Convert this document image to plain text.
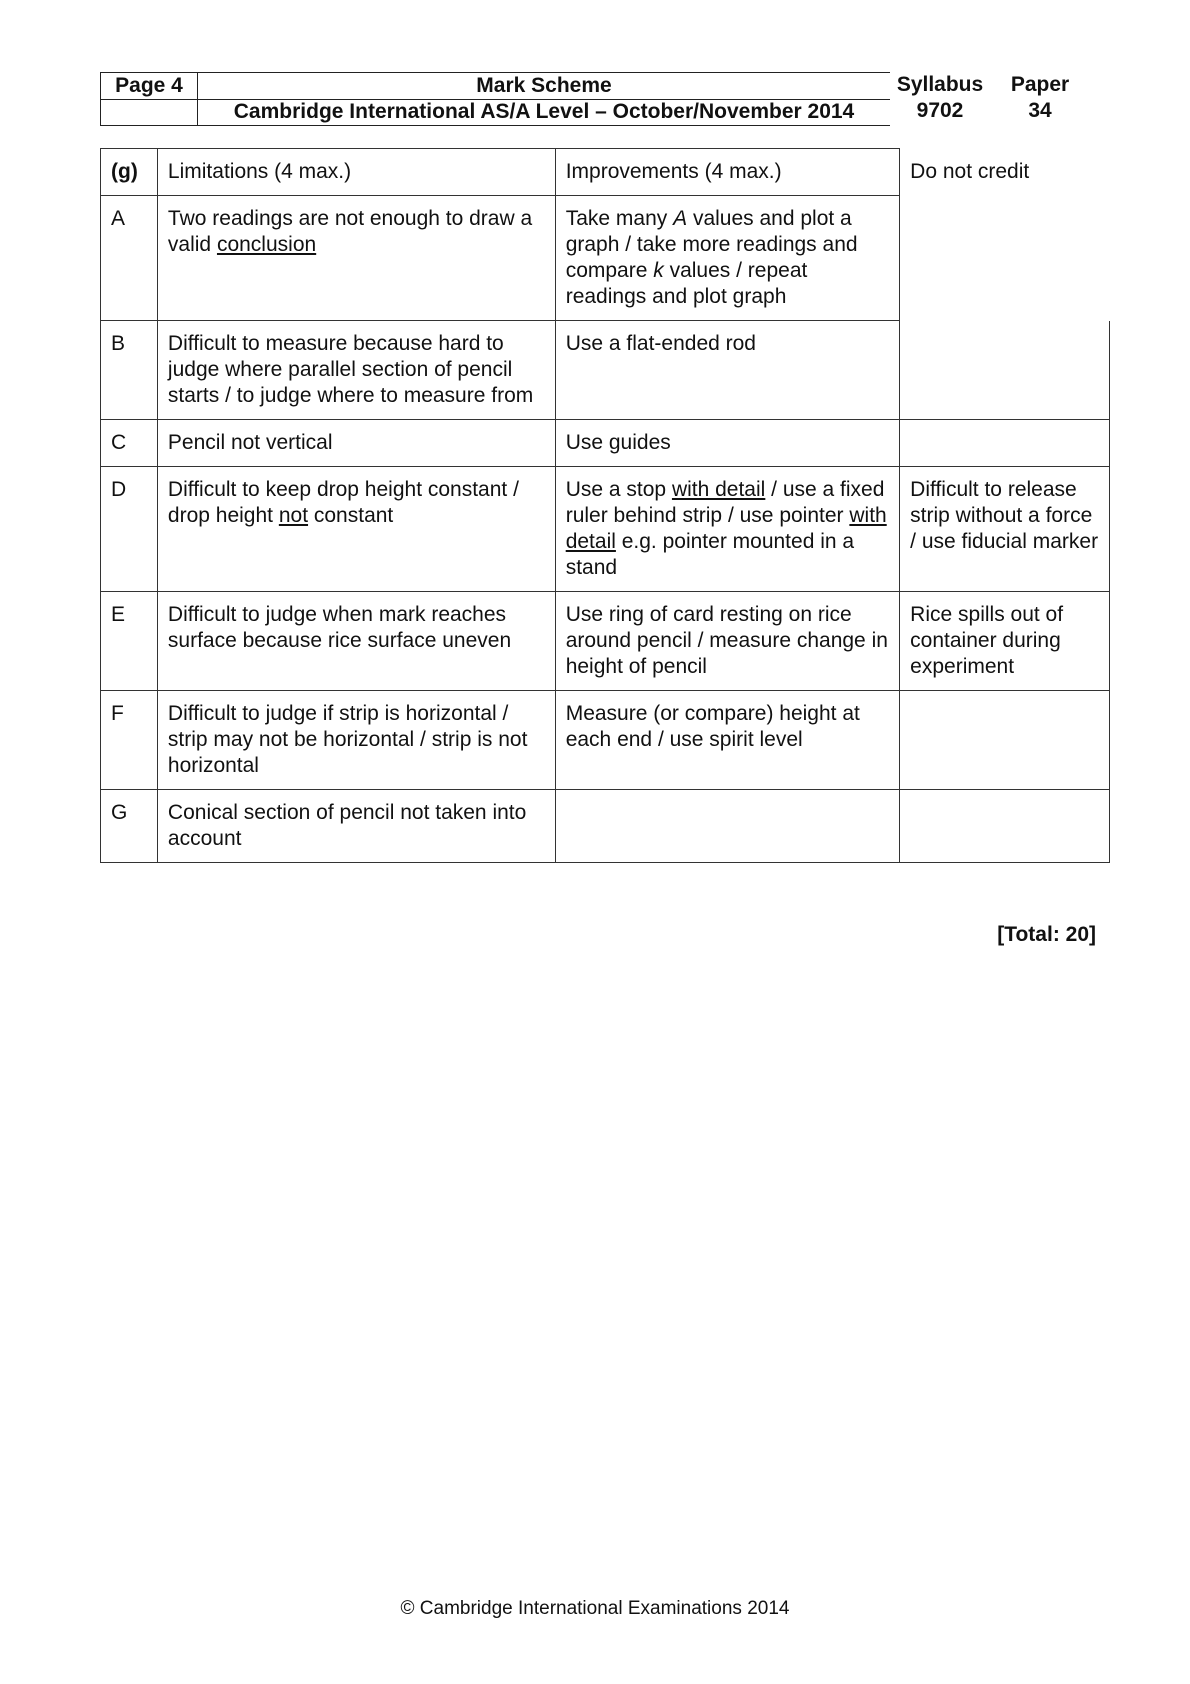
Page 4	Mark Scheme
	Cambridge International AS/A Level – October/November 2014
Syllabus
9702
Paper
34
(g)	Limitations (4 max.)	Improvements (4 max.)	Do not credit
A	Two readings are not enough to draw a valid conclusion	Take many A values and plot a graph / take more readings and compare k values / repeat readings and plot graph	
B	Difficult to measure because hard to judge where parallel section of pencil starts / to judge where to measure from	Use a flat-ended rod	
C	Pencil not vertical	Use guides	
D	Difficult to keep drop height constant / drop height not constant	Use a stop with detail / use a fixed ruler behind strip / use pointer with detail e.g. pointer mounted in a stand	Difficult to release strip without a force / use fiducial marker
E	Difficult to judge when mark reaches surface because rice surface uneven	Use ring of card resting on rice around pencil / measure change in height of pencil	Rice spills out of container during experiment
F	Difficult to judge if strip is horizontal / strip may not be horizontal / strip is not horizontal	Measure (or compare) height at each end / use spirit level	
G	Conical section of pencil not taken into account		
[Total: 20]
© Cambridge International Examinations 2014
